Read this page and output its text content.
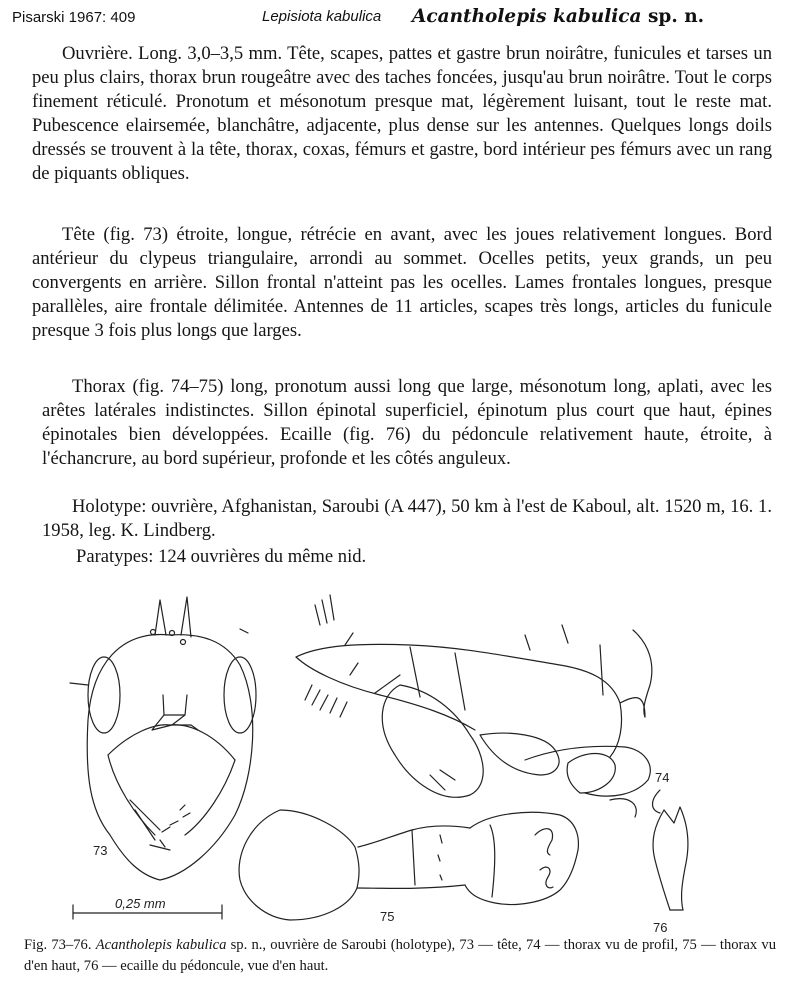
Pisarski 1967: 409	Lepisiota kabulica Acantholepis kabulica sp. n.
Ouvrière. Long. 3,0–3,5 mm. Tête, scapes, pattes et gastre brun noirâtre, funicules et tarses un peu plus clairs, thorax brun rougeâtre avec des taches foncées, jusqu'au brun noirâtre. Tout le corps finement réticulé. Pronotum et mésonotum presque mat, légèrement luisant, tout le reste mat. Pubescence elairsemée, blanchâtre, adjacente, plus dense sur les antennes. Quelques longs doils dressés se trouvent à la tête, thorax, coxas, fémurs et gastre, bord intérieur pes fémurs avec un rang de piquants obliques.
Tête (fig. 73) étroite, longue, rétrécie en avant, avec les joues relativement longues. Bord antérieur du clypeus triangulaire, arrondi au sommet. Ocelles petits, yeux grands, un peu convergents en arrière. Sillon frontal n'atteint pas les ocelles. Lames frontales longues, presque parallèles, aire frontale délimitée. Antennes de 11 articles, scapes très longs, articles du funicule presque 3 fois plus longs que larges.
Thorax (fig. 74–75) long, pronotum aussi long que large, mésonotum long, aplati, avec les arêtes latérales indistinctes. Sillon épinotal superficiel, épinotum plus court que haut, épines épinotales bien développées. Ecaille (fig. 76) du pédoncule relativement haute, étroite, à l'échancrure, au bord supérieur, profonde et les côtés anguleux.
Holotype: ouvrière, Afghanistan, Saroubi (A 447), 50 km à l'est de Kaboul, alt. 1520 m, 16. 1. 1958, leg. K. Lindberg.
Paratypes: 124 ouvrières du même nid.
73
0,25 mm
74
75
76
Fig. 73–76. Acantholepis kabulica sp. n., ouvrière de Saroubi (holotype), 73 — tête, 74 — thorax vu de profil, 75 — thorax vu d'en haut, 76 — ecaille du pédoncule, vue d'en haut.
